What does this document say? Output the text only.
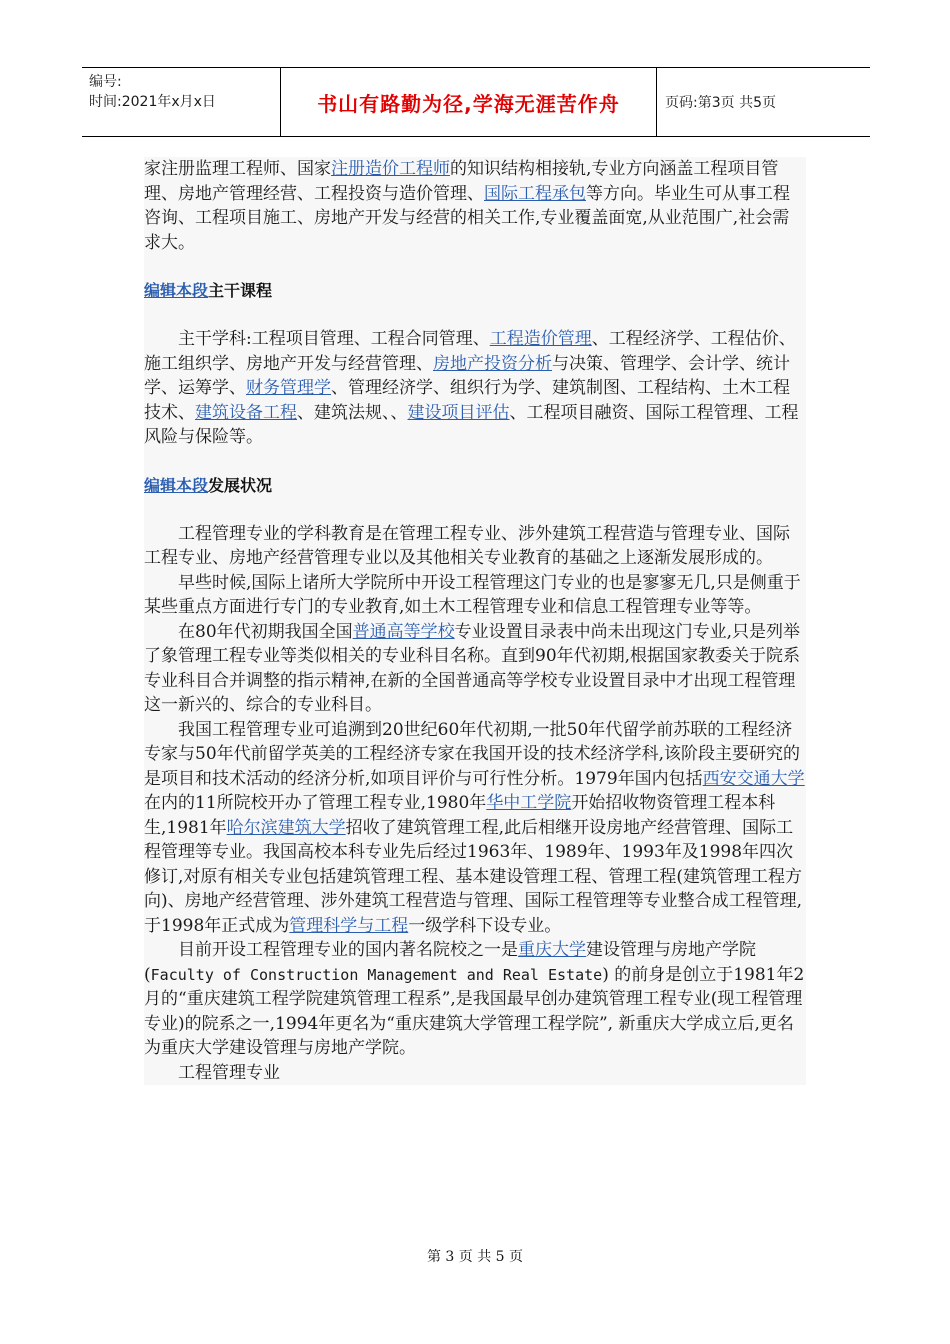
编号:
时间:2021年x月x日	书山有路勤为径,学海无涯苦作舟	页码:第3页 共5页

家注册监理工程师、国家注册造价工程师的知识结构相接轨,专业方向涵盖工程项目管理、房地产管理经营、工程投资与造价管理、国际工程承包等方向。毕业生可从事工程咨询、工程项目施工、房地产开发与经营的相关工作,专业覆盖面宽,从业范围广,社会需求大。

编辑本段主干课程

主干学科:工程项目管理、工程合同管理、工程造价管理、工程经济学、工程估价、施工组织学、房地产开发与经营管理、房地产投资分析与决策、管理学、会计学、统计学、运筹学、财务管理学、管理经济学、组织行为学、建筑制图、工程结构、土木工程技术、建筑设备工程、建筑法规、、建设项目评估、工程项目融资、国际工程管理、工程风险与保险等。

编辑本段发展状况

工程管理专业的学科教育是在管理工程专业、涉外建筑工程营造与管理专业、国际工程专业、房地产经营管理专业以及其他相关专业教育的基础之上逐渐发展形成的。

早些时候,国际上诸所大学院所中开设工程管理这门专业的也是寥寥无几,只是侧重于某些重点方面进行专门的专业教育,如土木工程管理专业和信息工程管理专业等等。

在80年代初期我国全国普通高等学校专业设置目录表中尚未出现这门专业,只是列举了象管理工程专业等类似相关的专业科目名称。直到90年代初期,根据国家教委关于院系专业科目合并调整的指示精神,在新的全国普通高等学校专业设置目录中才出现工程管理这一新兴的、综合的专业科目。

我国工程管理专业可追溯到20世纪60年代初期,一批50年代留学前苏联的工程经济专家与50年代前留学英美的工程经济专家在我国开设的技术经济学科,该阶段主要研究的是项目和技术活动的经济分析,如项目评价与可行性分析。1979年国内包括西安交通大学在内的11所院校开办了管理工程专业,1980年华中工学院开始招收物资管理工程本科生,1981年哈尔滨建筑大学招收了建筑管理工程,此后相继开设房地产经营管理、国际工程管理等专业。我国高校本科专业先后经过1963年、1989年、1993年及1998年四次修订,对原有相关专业包括建筑管理工程、基本建设管理工程、管理工程(建筑管理工程方向)、房地产经营管理、涉外建筑工程营造与管理、国际工程管理等专业整合成工程管理,于1998年正式成为管理科学与工程一级学科下设专业。

目前开设工程管理专业的国内著名院校之一是重庆大学建设管理与房地产学院(Faculty of Construction Management and Real Estate) 的前身是创立于1981年2月的“重庆建筑工程学院建筑管理工程系”,是我国最早创办建筑管理工程专业(现工程管理专业)的院系之一,1994年更名为“重庆建筑大学管理工程学院”, 新重庆大学成立后,更名为重庆大学建设管理与房地产学院。

工程管理专业

第 3 页 共 5 页
